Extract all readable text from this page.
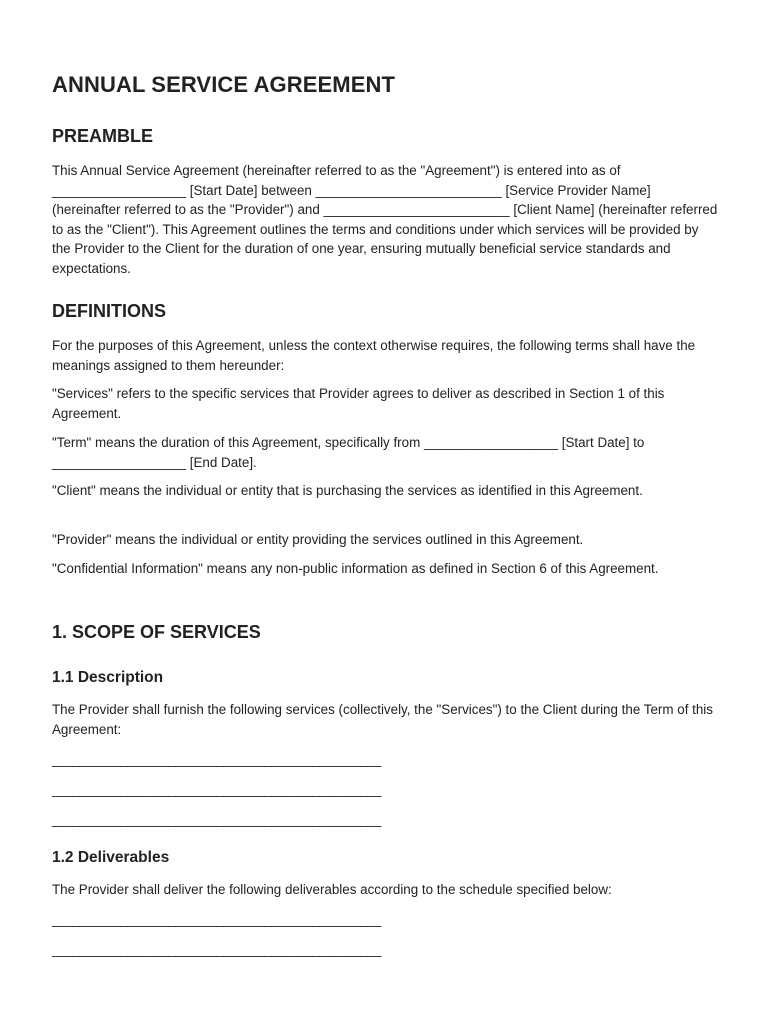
ANNUAL SERVICE AGREEMENT
PREAMBLE

This Annual Service Agreement (hereinafter referred to as the "Agreement") is entered into as of __________________ [Start Date] between _________________________ [Service Provider Name] (hereinafter referred to as the "Provider") and _________________________ [Client Name] (hereinafter referred to as the "Client"). This Agreement outlines the terms and conditions under which services will be provided by the Provider to the Client for the duration of one year, ensuring mutually beneficial service standards and expectations.

DEFINITIONS

For the purposes of this Agreement, unless the context otherwise requires, the following terms shall have the meanings assigned to them hereunder:

"Services" refers to the specific services that Provider agrees to deliver as described in Section 1 of this Agreement.

"Term" means the duration of this Agreement, specifically from __________________ [Start Date] to __________________ [End Date].

"Client" means the individual or entity that is purchasing the services as identified in this Agreement.

"Provider" means the individual or entity providing the services outlined in this Agreement.

"Confidential Information" means any non-public information as defined in Section 6 of this Agreement.

1. SCOPE OF SERVICES
1.1 Description

The Provider shall furnish the following services (collectively, the "Services") to the Client during the Term of this Agreement:

________________________________________________
________________________________________________
________________________________________________
1.2 Deliverables

The Provider shall deliver the following deliverables according to the schedule specified below:

________________________________________________
________________________________________________
